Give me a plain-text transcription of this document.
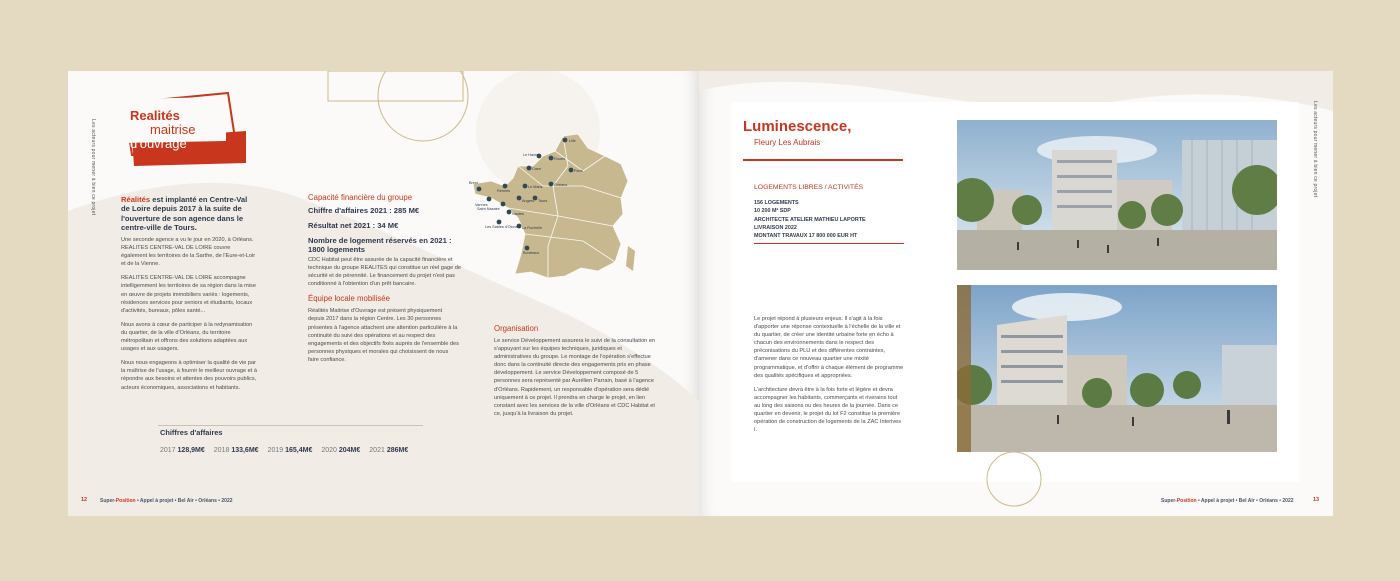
Les acteurs pour mener à bien ce projet
Realités
maitrise
d'ouvrage
Réalités est implanté en Centre-Val de Loire depuis 2017 à la suite de l'ouverture de son agence dans le centre-ville de Tours.

Une seconde agence a vu le jour en 2020, à Orléans. REALITES CENTRE-VAL DE LOIRE couvre également les territoires de la Sarthe, de l'Eure-et-Loir et de la Vienne.

REALITES CENTRE-VAL DE LOIRE accompagne intelligemment les territoires de sa région dans la mise en œuvre de projets immobiliers variés : logements, résidences services pour seniors et étudiants, locaux d'activités, bureaux, pôles santé...

Nous avons à cœur de participer à la redynamisation du quartier, de la ville d'Orléans, du territoire métropolitain et offrons des solutions adaptées aux usages et aux usagers.

Nous nous engageons à optimiser la qualité de vie par la maîtrise de l'usage, à fournir le meilleur ouvrage et à répondre aux besoins et attentes des pouvoirs publics, acteurs économiques, associations et habitants.

Chiffres d'affaires
2017 128,9M€ 2018 133,6M€ 2019 165,4M€ 2020 204M€ 2021 286M€
Capacité financière du groupe
Chiffre d'affaires 2021 : 285 M€
Résultat net 2021 : 34 M€
Nombre de logement réservés en 2021 : 1800 logements
CDC Habitat peut être assurée de la capacité financière et technique du groupe REALITES qui constitue un réel gage de sécurité et de pérennité. Le financement du projet n'est pas conditionné à l'obtention d'un prêt bancaire.
Équipe locale mobilisée
Réalités Maitrise d'Ouvrage est présent physiquement depuis 2017 dans la région Centre. Les 30 personnes présentes à l'agence attachent une attention particulière à la continuité du suivi des opérations et au respect des engagements et des objectifs fixés auprès de l'ensemble des personnes physiques et morales qui choisissent de nous faire confiance.
Lille
Le Havre
Rouen
Paris
Caen
Brest
Vannes
Rennes
Le Mans	Orléans
Tours
Angers
Saint Nazaire
Nantes
Les Sables d'Olonne La Rochelle
Bordeaux
Organisation
Le service Développement assurera le suivi de la consultation en s'appuyant sur les équipes techniques, juridiques et administratives du groupe. Le montage de l'opération s'effectue donc dans la continuité directe des engagements pris en phase développement. Le service Développement composé de 5 personnes sera représenté par Aurélien Parrain, basé à l'agence d'Orléans. Rapidement, un responsable d'opération sera dédié uniquement à ce projet. Il prendra en charge le projet, en lien constant avec les services de la ville d'Orléans et CDC Habitat et ce, jusqu'à la livraison du projet.
12	Super-Position • Appel à projet • Bel Air • Orléans • 2022
Luminescence,
Fleury Les Aubrais
LOGEMENTS LIBRES / ACTIVITÉS
156 LOGEMENTS
10 200 M² SDP
ARCHITECTE ATELIER MATHIEU LAPORTE
LIVRAISON 2022
MONTANT TRAVAUX 17 800 000 EUR HT

Le projet répond à plusieurs enjeux. Il s'agit à la fois d'apporter une réponse contextuelle à l'échelle de la ville et du quartier, de créer une identité urbaine forte en écho à chacun des environnements dans le respect des préconisations du PLU et des différentes contraintes, d'amener dans ce nouveau quartier une mixité programmatique, et d'offrir à chaque élément de programme des qualités spécifiques et appropriées.

L'architecture devra être à la fois forte et légère et devra accompagner les habitants, commerçants et riverains tout au long des saisons ou des heures de la journée. Dans ce quartier en devenir, le projet du lot F2 constitue la première opération de construction de logements de la ZAC Interives I.

Les acteurs pour mener à bien ce projet
Super-Position • Appel à projet • Bel Air • Orléans • 2022	13
